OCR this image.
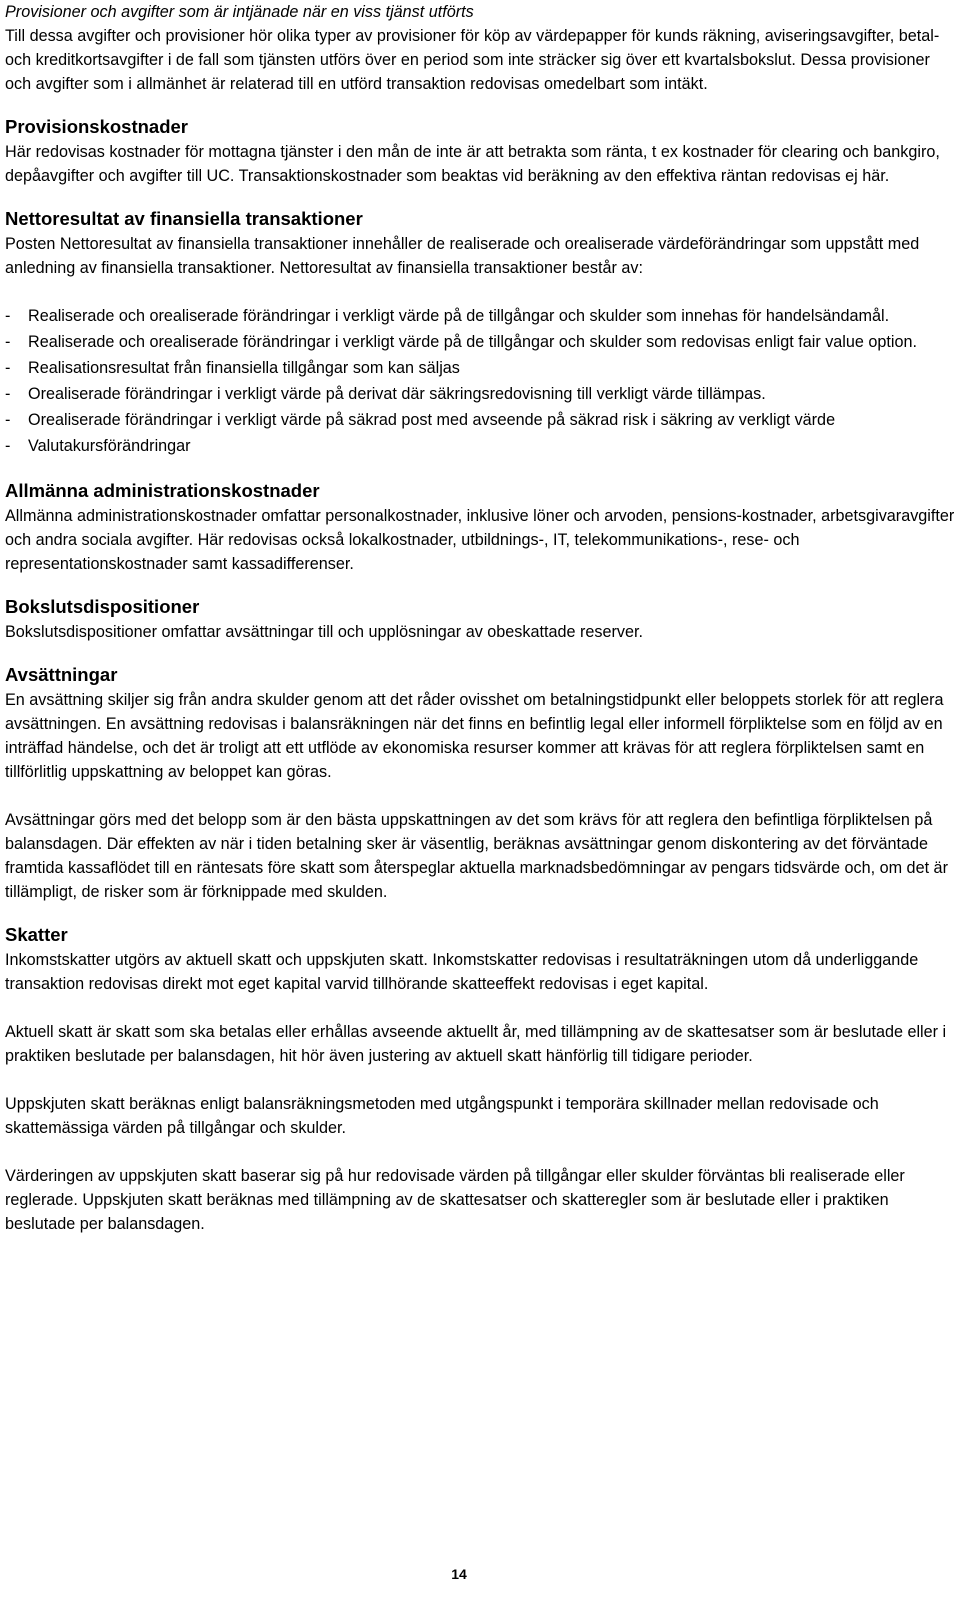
Provisioner och avgifter som är intjänade när en viss tjänst utförts

Till dessa avgifter och provisioner hör olika typer av provisioner för köp av värdepapper för kunds räkning, aviseringsavgifter, betal- och kreditkortsavgifter i de fall som tjänsten utförs över en period som inte sträcker sig över ett kvartalsbokslut. Dessa provisioner och avgifter som i allmänhet är relaterad till en utförd transaktion redovisas omedelbart som intäkt.

Provisionskostnader

Här redovisas kostnader för mottagna tjänster i den mån de inte är att betrakta som ränta, t ex kostnader för clearing och bankgiro, depåavgifter och avgifter till UC. Transaktionskostnader som beaktas vid beräkning av den effektiva räntan redovisas ej här.

Nettoresultat av finansiella transaktioner

Posten Nettoresultat av finansiella transaktioner innehåller de realiserade och orealiserade värdeförändringar som uppstått med anledning av finansiella transaktioner. Nettoresultat av finansiella transaktioner består av:

- Realiserade och orealiserade förändringar i verkligt värde på de tillgångar och skulder som innehas för handelsändamål.
- Realiserade och orealiserade förändringar i verkligt värde på de tillgångar och skulder som redovisas enligt fair value option.
- Realisationsresultat från finansiella tillgångar som kan säljas
- Orealiserade förändringar i verkligt värde på derivat där säkringsredovisning till verkligt värde tillämpas.
- Orealiserade förändringar i verkligt värde på säkrad post med avseende på säkrad risk i säkring av verkligt värde
- Valutakursförändringar
Allmänna administrationskostnader

Allmänna administrationskostnader omfattar personalkostnader, inklusive löner och arvoden, pensions-kostnader, arbetsgivaravgifter och andra sociala avgifter. Här redovisas också lokalkostnader, utbildnings-, IT, telekommunikations-, rese- och representationskostnader samt kassadifferenser.

Bokslutsdispositioner

Bokslutsdispositioner omfattar avsättningar till och upplösningar av obeskattade reserver.

Avsättningar

En avsättning skiljer sig från andra skulder genom att det råder ovisshet om betalningstidpunkt eller beloppets storlek för att reglera avsättningen. En avsättning redovisas i balansräkningen när det finns en befintlig legal eller informell förpliktelse som en följd av en inträffad händelse, och det är troligt att ett utflöde av ekonomiska resurser kommer att krävas för att reglera förpliktelsen samt en tillförlitlig uppskattning av beloppet kan göras.

Avsättningar görs med det belopp som är den bästa uppskattningen av det som krävs för att reglera den befintliga förpliktelsen på balansdagen. Där effekten av när i tiden betalning sker är väsentlig, beräknas avsättningar genom diskontering av det förväntade framtida kassaflödet till en räntesats före skatt som återspeglar aktuella marknadsbedömningar av pengars tidsvärde och, om det är tillämpligt, de risker som är förknippade med skulden.

Skatter

Inkomstskatter utgörs av aktuell skatt och uppskjuten skatt. Inkomstskatter redovisas i resultaträkningen utom då underliggande transaktion redovisas direkt mot eget kapital varvid tillhörande skatteeffekt redovisas i eget kapital.

Aktuell skatt är skatt som ska betalas eller erhållas avseende aktuellt år, med tillämpning av de skattesatser som är beslutade eller i praktiken beslutade per balansdagen, hit hör även justering av aktuell skatt hänförlig till tidigare perioder.

Uppskjuten skatt beräknas enligt balansräkningsmetoden med utgångspunkt i temporära skillnader mellan redovisade och skattemässiga värden på tillgångar och skulder.

Värderingen av uppskjuten skatt baserar sig på hur redovisade värden på tillgångar eller skulder förväntas bli realiserade eller reglerade. Uppskjuten skatt beräknas med tillämpning av de skattesatser och skatteregler som är beslutade eller i praktiken beslutade per balansdagen.

14
